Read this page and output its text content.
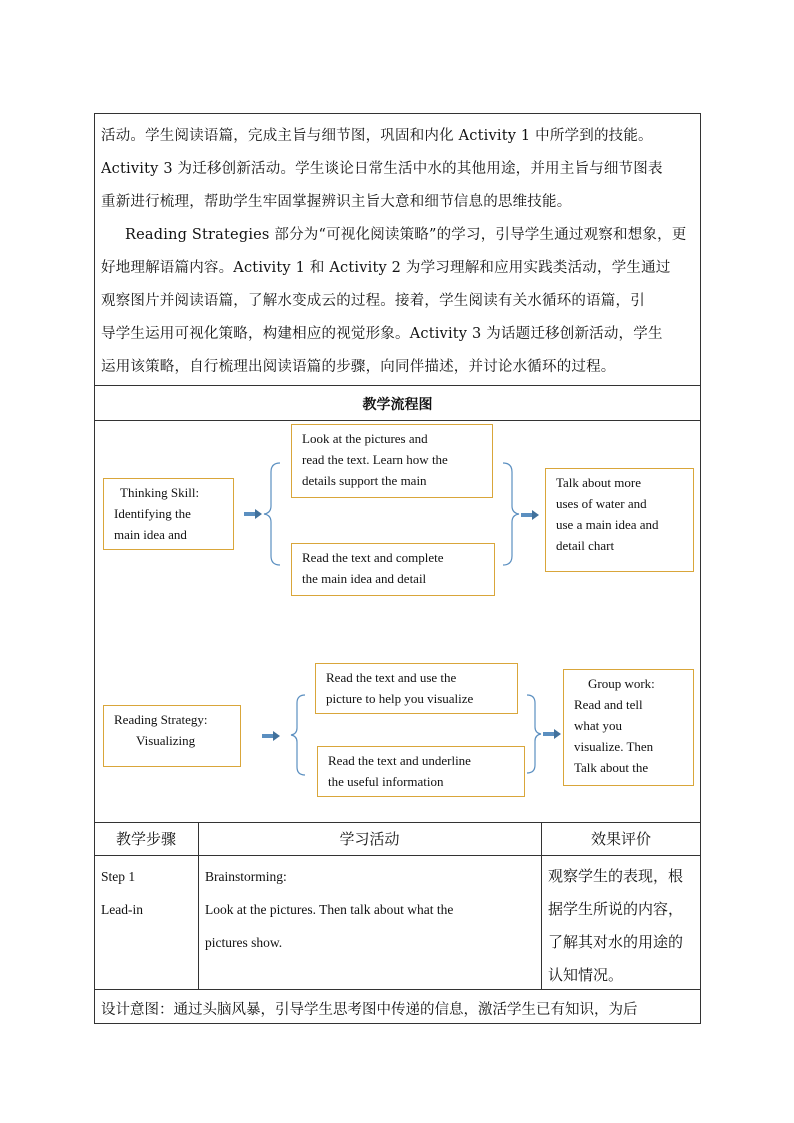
活动。学生阅读语篇，完成主旨与细节图，巩固和内化 Activity 1 中所学到的技能。
Activity 3 为迁移创新活动。学生谈论日常生活中水的其他用途，并用主旨与细节图表
重新进行梳理，帮助学生牢固掌握辨识主旨大意和细节信息的思维技能。
Reading Strategies 部分为“可视化阅读策略”的学习，引导学生通过观察和想象，更
好地理解语篇内容。Activity 1 和 Activity 2 为学习理解和应用实践类活动，学生通过
观察图片并阅读语篇，了解水变成云的过程。接着，学生阅读有关水循环的语篇，引
导学生运用可视化策略，构建相应的视觉形象。Activity 3 为话题迁移创新活动，学生
运用该策略，自行梳理出阅读语篇的步骤，向同伴描述，并讨论水循环的过程。
教学流程图
Thinking Skill:
Identifying the
main idea and
Look at the pictures and
read the text. Learn how the
details support the main
Read the text and complete
the main idea and detail
Talk about more
uses of water and
use a main idea and
detail chart
Reading Strategy:
Visualizing
Read the text and use the
picture to help you visualize
Read the text and underline
the useful information
Group work:
Read and tell
what you
visualize. Then
Talk about the
教学步骤	学习活动	效果评价
Step 1
Lead-in
Brainstorming:
Look at the pictures. Then talk about what the
pictures show.
观察学生的表现，根
据学生所说的内容，
了解其对水的用途的
认知情况。
设计意图：通过头脑风暴，引导学生思考图中传递的信息，激活学生已有知识，为后
